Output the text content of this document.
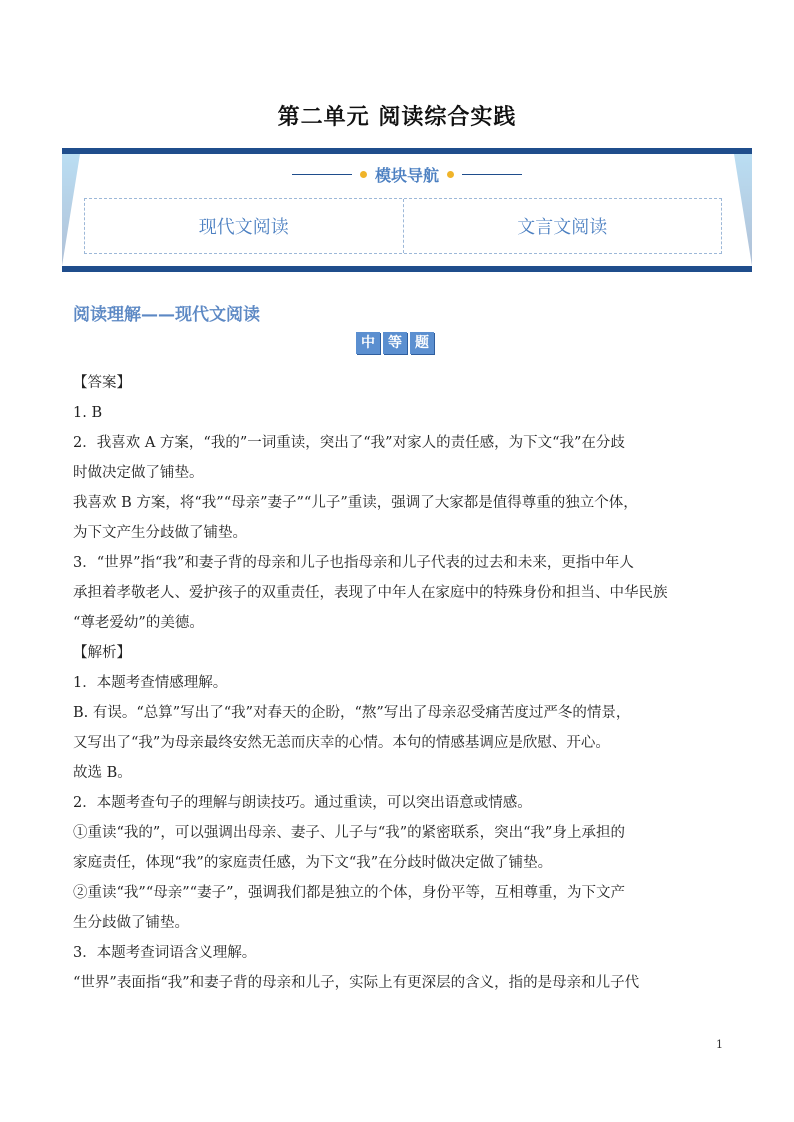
第二单元 阅读综合实践
模块导航
现代文阅读	文言文阅读
阅读理解——现代文阅读
中 等 题

【答案】

1. B

2．我喜欢 A 方案，“我的”一词重读，突出了“我”对家人的责任感，为下文“我”在分歧

时做决定做了铺垫。

我喜欢 B 方案，将“我”“母亲”妻子”“儿子”重读，强调了大家都是值得尊重的独立个体，

为下文产生分歧做了铺垫。

3．“世界”指“我”和妻子背的母亲和儿子也指母亲和儿子代表的过去和未来，更指中年人

承担着孝敬老人、爱护孩子的双重责任，表现了中年人在家庭中的特殊身份和担当、中华民族

“尊老爱幼”的美德。

【解析】

1．本题考查情感理解。

B. 有误。“总算”写出了“我”对春天的企盼，“熬”写出了母亲忍受痛苦度过严冬的情景，

又写出了“我”为母亲最终安然无恙而庆幸的心情。本句的情感基调应是欣慰、开心。

故选 B。

2．本题考查句子的理解与朗读技巧。通过重读，可以突出语意或情感。

①重读“我的”，可以强调出母亲、妻子、儿子与“我”的紧密联系，突出“我”身上承担的

家庭责任，体现“我”的家庭责任感，为下文“我”在分歧时做决定做了铺垫。

②重读“我”“母亲”“妻子”，强调我们都是独立的个体，身份平等，互相尊重，为下文产

生分歧做了铺垫。

3．本题考查词语含义理解。

“世界”表面指“我”和妻子背的母亲和儿子，实际上有更深层的含义，指的是母亲和儿子代

1
